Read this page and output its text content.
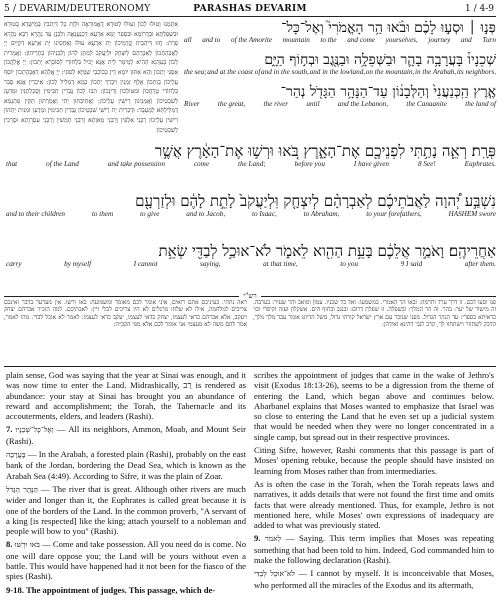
5 / DEVARIM/DEUTERONOMY	PARASHAS DEVARIM	1 / 4-9
אִתְמְנוּ וְטוּלוּ לְכוֹן וְעוּלוּ לְטוּרָא דֶאֱמוֹרָאָה וּלְוָת כָּל דְּיָתְבִין בְּמֵישְׁרָא בְּטוּרָא וּבִשְׁפֵלְתָּא וּבְדָרוֹמָא וּבִסְפַר יַמָּא אַרְעָא דִכְנַעֲנָאָה וְלִבְנָן עַד נַהֲרָא רַבָּא נַהֲרָא פְרָת: חֲזוּ דִּיהַבִית קֳדָמֵיכוֹן יָת אַרְעָא עוּלוּ וְאַחְסִינוּ יָת אַרְעָא דְּקַיֵּים יְיָ לַאֲבָהָתְכוֹן לְאַבְרָהָם לְיִצְחָק וּלְיַעֲקֹב לְמִתַּן לְהוֹן וְלִבְנֵיהוֹן בָּתְרֵיהוֹן: וַאֲמָרִית לְכוֹן בְּעִדָּנָא הַהִיא לְמֵימַר לֵית אֲנָא יָכִיל בִּלְחוֹדִי לְסוֹבָרָא יָתְכוֹן: יְיָ אֱלָהֲכוֹן אַסְגֵּי יָתְכוֹן וְהָא אִתּוּן יוֹמָא דֵין כְּכוֹכְבֵי שְׁמַיָּא לְסוּגִי: יְיָ אֱלָהָא דַאֲבָהָתְכוֹן יוֹסֵף עֲלֵיכוֹן כְּוָתְכוֹן אֶלֶף זִמְנִין וִיבָרֵךְ יָתְכוֹן כְּמָא דְמַלֵּיל לְכוֹן: אֵיכְדֵין אֲנָא סָבַר בִּלְחוֹדִי טָרְחֲכוֹן וּמַטּוּלְכוֹן וְדִינְכוֹן: הַבוּ לְכוֹן גֻּבְרִין חַכִּימִין וְסָכְלְתָנִין וּמָדְעָן לְשִׁבְטֵיכוֹן וַאֲמַנֵּינוּן רֵישִׁין עֲלֵיכוֹן: וַאֲתֵיבְתּוּן יָתִי וַאֲמַרְתּוּן תַּקִּין פִּתְגָמָא דְּמַלֵּילְתָּא לְמֶעְבָּד: וּדְבָרִית יָת רֵישֵׁי שִׁבְטֵיכוֹן גֻּבְרִין חַכִּימִין וּמָדְעָן וּמַנִּית יָתְהוֹן רֵישִׁין עֲלֵיכוֹן רַבָּנֵי אַלְפִין וְרַבָּנֵי מָאוָתָא וְרַבָּנֵי חַמְשִׁין וְרַבָּנֵי עַסְרָוָתָא וּסְרְכִין לְשִׁבְטֵיכוֹן
פְּנ֣וּ ׀ וּסְע֣וּ לָכֶ֗ם וּבֹ֨אוּ הַ֥ר הָאֱמֹרִי֮ וְאֶל־כָּל־
Turn
and
journey
yourselves,
and come
to the
mountain
of the Amorite
and to
all
שְׁכֵנָיו֒ בָּעֲרָבָ֥ה בָהָ֛ר וּבַשְּׁפֵלָ֥ה וּבַנֶּ֖גֶב וּבְח֣וֹף הַיָּ֑ם
its neighbors,
in the Arabah,
on the mountain,
and in the lowland,
and in the south,
and at the coast of
the sea;
אֶ֤רֶץ הַֽכְּנַעֲנִי֙ וְהַלְּבָנ֔וֹן עַד־הַנָּהָ֥ר הַגָּדֹ֖ל נְהַר־
the land of
the Canaanite
and the Lebanon,
until
the river
the great,
River
פְּרָֽת׃ רְאֵ֛ה נָתַ֥תִּי לִפְנֵיכֶ֖ם אֶת־הָאָ֑רֶץ בֹּ֚אוּ וּרְשׁ֣וּ אֶת־הָאָ֔רֶץ אֲשֶׁ֣ר
Euphrates.
8 See!
I have given
before you
the Land;
come
and take possession
of the Land
that
נִשְׁבַּ֣ע יְ֠הוָה לַאֲבֹתֵיכֶ֜ם לְאַבְרָהָ֨ם לְיִצְחָ֤ק וּֽלְיַעֲקֹב֙ לָתֵ֣ת לָהֶ֔ם וּלְזַרְעָ֖ם
HASHEM swore
to your forefathers,
to Abraham,
to Isaac,
and to Jacob,
to give
to them
and to their children
אַחֲרֵיהֶֽם׃ וָאֹמַ֣ר אֲלֵכֶ֔ם בָּעֵ֥ת הַהִ֖וא לֵאמֹ֑ר לֹא־אוּכַ֥ל לְבַדִּ֖י שְׂאֵ֥ת
after them.
9 I said
to you
at that time,
saying,
I cannot
by myself
carry
רש"י
ראה נתתי. בעיניכם אתם רואים, איני אומר לכם מאומד ומשמועה: באו ורשו. אין מערער בדבר ואינכם צריכים למלחמה, אילו לא שלחו מרגלים לא היו צריכים לכלי זיין: לאבתיכם. למה הזכיר אברהם יצחק ויעקב, אלא אברהם כדאי לעצמו, יצחק כדאי לעצמו, יעקב כדאי לעצמו: לאמר לא אוכל לבדי. מהו לאמר, אמר להם משה לא מעצמי אני אומר לכם אלא מפי הקב״ה:
פנו וסעו לכם. זו דרך ערד וחרמה: ובאו הר האמרי. כמשמעו: ואל כל שכניו. עמון ומואב והר שעיר: בערבה. זה מישור של יער: בהר. זה הר המלך: ובשפלה. זו שפלת דרום: ובנגב ובחוף הים. אשקלון ועזה וקיסרי וכו׳ כדאיתא בספרי: עד הנהר הגדול. מפני שנזכר עם ארץ ישראל קורהו גדול, משל הדיוט אומר עבד מלך מלך, הדבק לשחוור וישתחוו לך, קרב לגבי דהינא ואידהן:

plain sense, God was saying that the year at Sinai was enough, and it was now time to enter the Land. Midrashically, רַב is rendered as abundance: your stay at Sinai has brought you an abundance of reward and accomplishment; the Torah, the Tabernacle and its accouterments, elders, and leaders (Rashi).

7. וְאֶל־כָּל־שְׁכֵנָיו — All its neighbors, Ammon, Moab, and Mount Seir (Rashi).

בָּעֲרָבָה — In the Arabah, a forested plain (Rashi), probably on the east bank of the Jordan, bordering the Dead Sea, which is known as the Arabah Sea (4:49). According to Sifre, it was the plain of Zoar.

הַנָּהָר הַגָּדֹל — The river that is great. Although other rivers are much wider and longer than it, the Euphrates is called great because it is one of the borders of the Land. In the common proverb, "A servant of a king [is respected] like the king; attach yourself to a nobleman and people will bow to you" (Rashi).

8. בֹּאוּ וּרְשׁוּ — Come and take possession. All you need do is come. No one will dare oppose you; the Land will be yours without even a battle. This would have happened had it not been for the fiasco of the spies (Rashi).

9-18. The appointment of judges. This passage, which de-

scribes the appointment of judges that came in the wake of Jethro's visit (Exodus 18:13-26), seems to be a digression from the theme of entering the Land, which began above and continues below. Abarbanel explains that Moses wanted to emphasize that Israel was so close to entering the Land that he even set up a judicial system that would be needed when they were no longer concentrated in a single camp, but spread out in their respective provinces.

Citing Sifre, however, Rashi comments that this passage is part of Moses' opening rebuke, because the people should have insisted on learning from Moses rather than from intermediaries.

As is often the case in the Torah, when the Torah repeats laws and narratives, it adds details that were not found the first time and omits facts that were already mentioned. Thus, for example, Jethro is not mentioned here, while Moses' own expressions of inadequacy are added to what was previously stated.

9. לֵאמֹר — Saying. This term implies that Moses was repeating something that had been told to him. Indeed, God commanded him to make the following declaration (Rashi).

לֹא־אוּכַל לְבַדִּי — I cannot by myself. It is inconceivable that Moses, who performed all the miracles of the Exodus and its aftermath,
